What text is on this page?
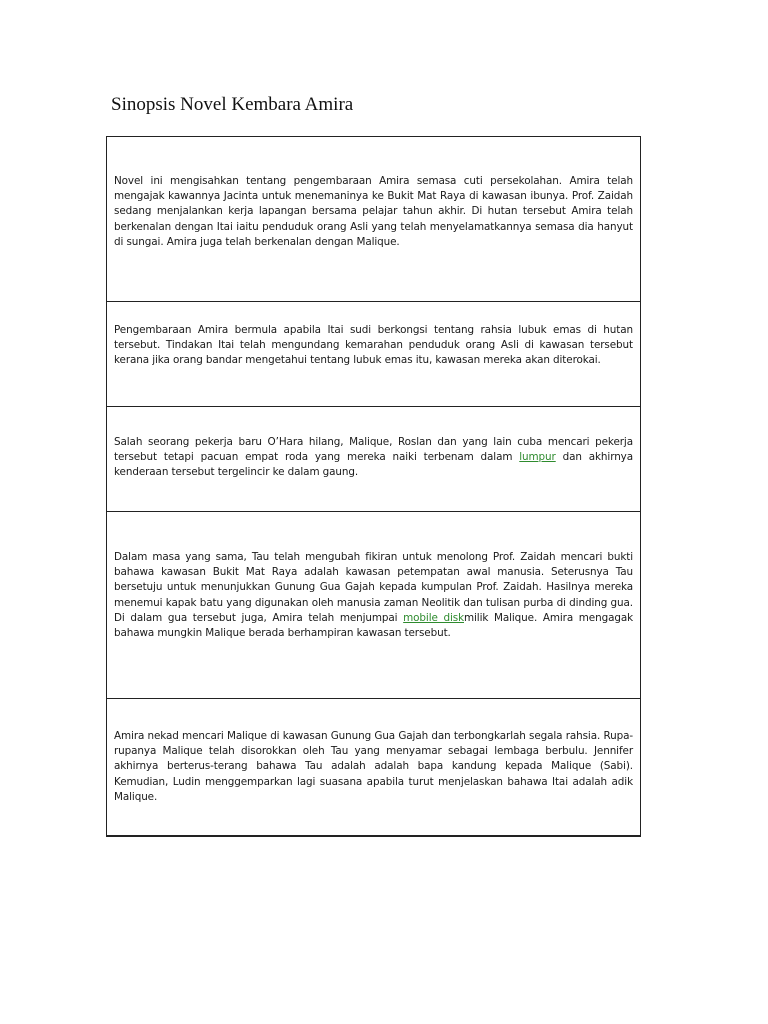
Sinopsis Novel Kembara Amira

Novel ini mengisahkan tentang pengembaraan Amira semasa cuti persekolahan. Amira telah mengajak kawannya Jacinta untuk menemaninya ke Bukit Mat Raya di kawasan ibunya. Prof. Zaidah sedang menjalankan kerja lapangan bersama pelajar tahun akhir. Di hutan tersebut Amira telah berkenalan dengan Itai iaitu penduduk orang Asli yang telah menyelamatkannya semasa dia hanyut di sungai. Amira juga telah berkenalan dengan Malique.

Pengembaraan Amira bermula apabila Itai sudi berkongsi tentang rahsia lubuk emas di hutan tersebut. Tindakan Itai telah mengundang kemarahan penduduk orang Asli di kawasan tersebut kerana jika orang bandar mengetahui tentang lubuk emas itu, kawasan mereka akan diterokai.

Salah seorang pekerja baru O’Hara hilang, Malique, Roslan dan yang lain cuba mencari pekerja tersebut tetapi pacuan empat roda yang mereka naiki terbenam dalam lumpur dan akhirnya kenderaan tersebut tergelincir ke dalam gaung.

Dalam masa yang sama, Tau telah mengubah fikiran untuk menolong Prof. Zaidah mencari bukti bahawa kawasan Bukit Mat Raya adalah kawasan petempatan awal manusia. Seterusnya Tau bersetuju untuk menunjukkan Gunung Gua Gajah kepada kumpulan Prof. Zaidah. Hasilnya mereka menemui kapak batu yang digunakan oleh manusia zaman Neolitik dan tulisan purba di dinding gua. Di dalam gua tersebut juga, Amira telah menjumpai mobile diskmilik Malique. Amira mengagak bahawa mungkin Malique berada berhampiran kawasan tersebut.

Amira nekad mencari Malique di kawasan Gunung Gua Gajah dan terbongkarlah segala rahsia. Rupa-rupanya Malique telah disorokkan oleh Tau yang menyamar sebagai lembaga berbulu. Jennifer akhirnya berterus-terang bahawa Tau adalah adalah bapa kandung kepada Malique (Sabi). Kemudian, Ludin menggemparkan lagi suasana apabila turut menjelaskan bahawa Itai adalah adik Malique.
